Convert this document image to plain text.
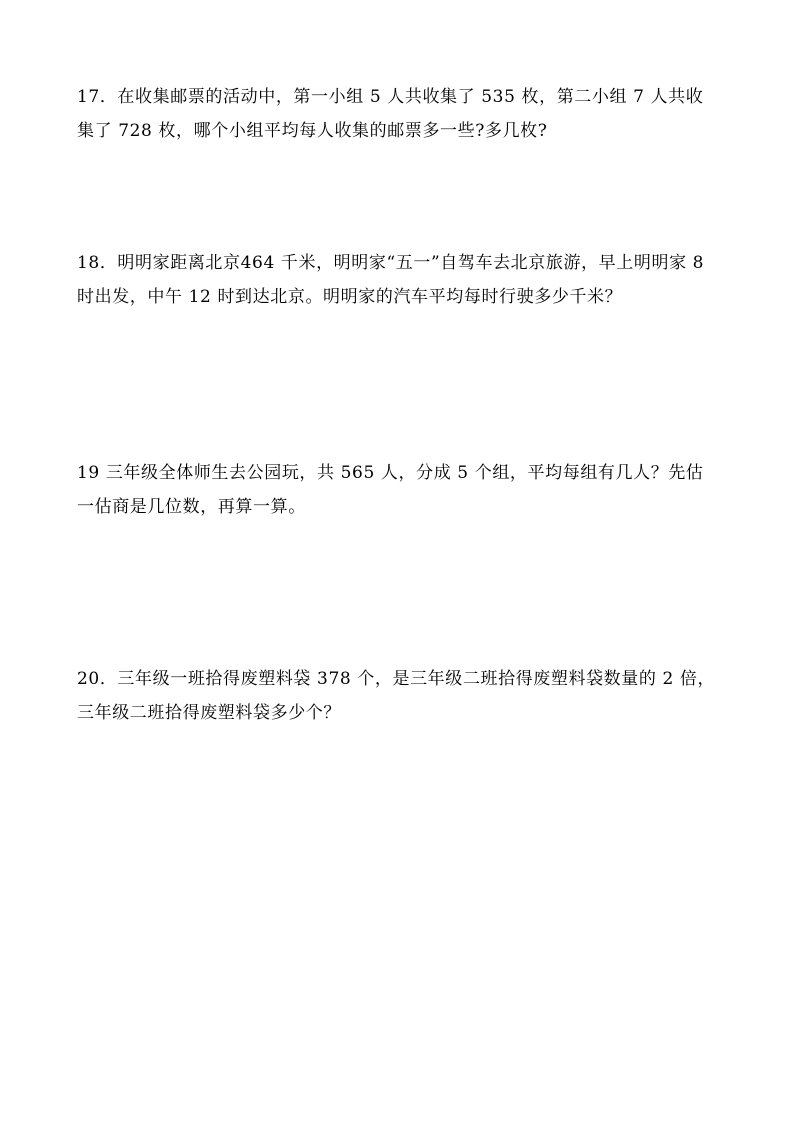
17．在收集邮票的活动中，第一小组 5 人共收集了 535 枚，第二小组 7 人共收
集了 728 枚，哪个小组平均每人收集的邮票多一些?多几枚?
18．明明家距离北京464 千米，明明家“五一”自驾车去北京旅游，早上明明家 8
时出发，中午 12 时到达北京。明明家的汽车平均每时行驶多少千米？
19 三年级全体师生去公园玩，共 565 人，分成 5 个组，平均每组有几人？先估
一估商是几位数，再算一算。
20．三年级一班拾得废塑料袋 378 个，是三年级二班拾得废塑料袋数量的 2 倍，
三年级二班拾得废塑料袋多少个？
